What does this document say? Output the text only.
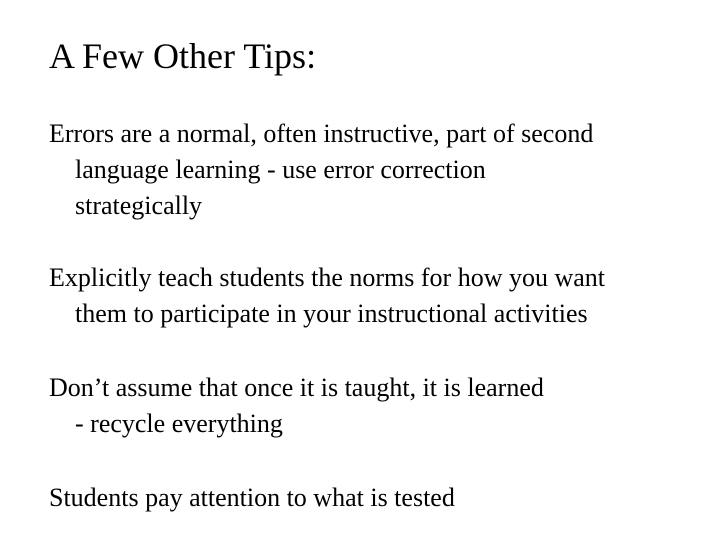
A Few Other Tips:
Errors are a normal, often instructive, part of second
language learning - use error correction
strategically
Explicitly teach students the norms for how you want
them to participate in your instructional activities
Don’t assume that once it is taught, it is learned
- recycle everything
Students pay attention to what is tested
